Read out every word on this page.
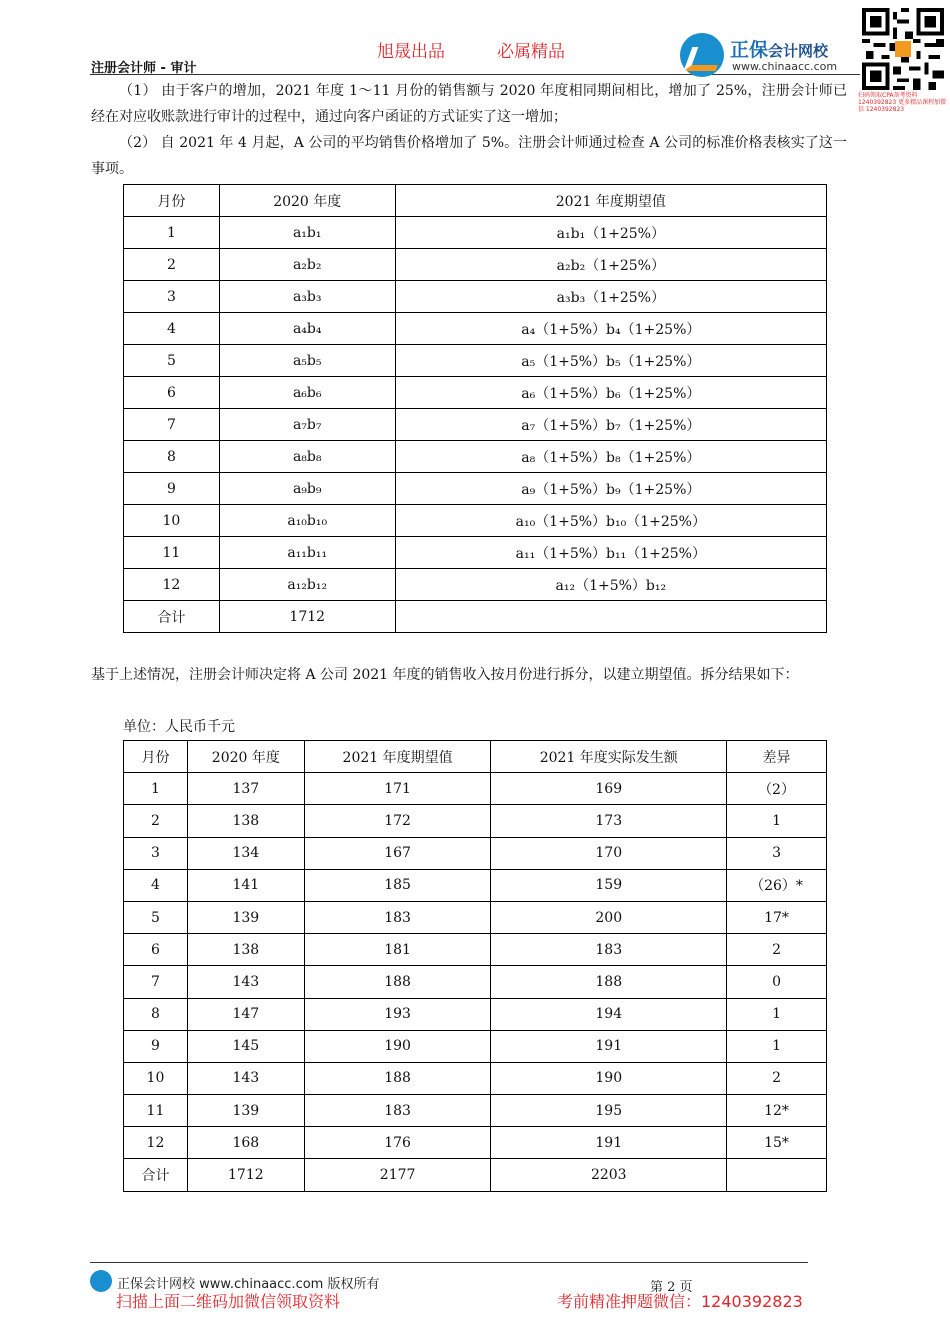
旭晟出品	必属精品
注册会计师 - 审计
正保会计网校
www.chinaacc.com
扫码领取CPA备考资料 1240392823 更多精品课程加微信 1240392823
（1） 由于客户的增加，2021 年度 1～11 月份的销售额与 2020 年度相同期间相比，增加了 25%，注册会计师已经在对应收账款进行审计的过程中，通过向客户函证的方式证实了这一增加；
（2） 自 2021 年 4 月起，A 公司的平均销售价格增加了 5%。注册会计师通过检查 A 公司的标准价格表核实了这一事项。
月份	2020 年度	2021 年度期望值
1	a₁b₁	a₁b₁（1+25%）
2	a₂b₂	a₂b₂（1+25%）
3	a₃b₃	a₃b₃（1+25%）
4	a₄b₄	a₄（1+5%）b₄（1+25%）
5	a₅b₅	a₅（1+5%）b₅（1+25%）
6	a₆b₆	a₆（1+5%）b₆（1+25%）
7	a₇b₇	a₇（1+5%）b₇（1+25%）
8	a₈b₈	a₈（1+5%）b₈（1+25%）
9	a₉b₉	a₉（1+5%）b₉（1+25%）
10	a₁₀b₁₀	a₁₀（1+5%）b₁₀（1+25%）
11	a₁₁b₁₁	a₁₁（1+5%）b₁₁（1+25%）
12	a₁₂b₁₂	a₁₂（1+5%）b₁₂
合计	1712	
基于上述情况，注册会计师决定将 A 公司 2021 年度的销售收入按月份进行拆分，以建立期望值。拆分结果如下：
单位：人民币千元
月份	2020 年度	2021 年度期望值	2021 年度实际发生额	差异
1	137	171	169	（2）
2	138	172	173	1
3	134	167	170	3
4	141	185	159	（26）*
5	139	183	200	17*
6	138	181	183	2
7	143	188	188	0
8	147	193	194	1
9	145	190	191	1
10	143	188	190	2
11	139	183	195	12*
12	168	176	191	15*
合计	1712	2177	2203	
正保会计网校 www.chinaacc.com 版权所有	第 2 页
扫描上面二维码加微信领取资料	考前精准押题微信：1240392823
